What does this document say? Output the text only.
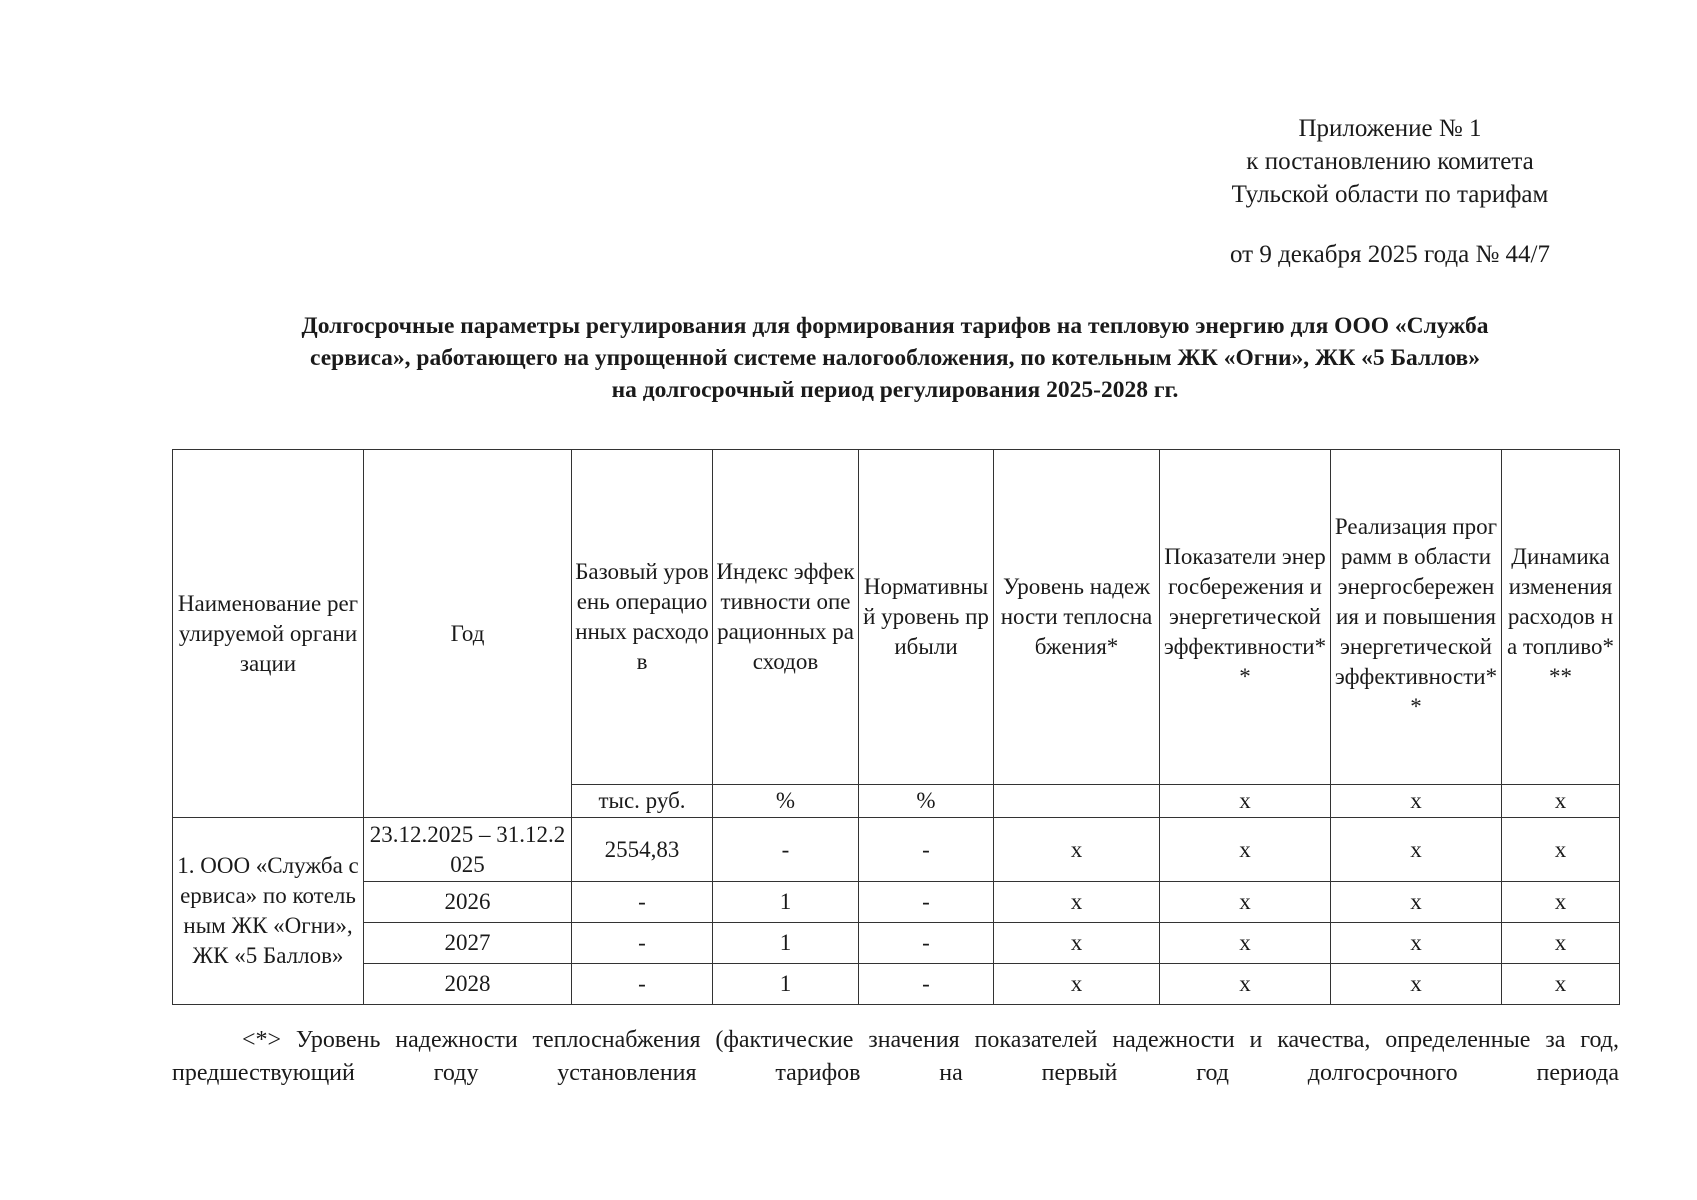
Приложение № 1
к постановлению комитета
Тульской области по тарифам
от 9 декабря 2025 года № 44/7
Долгосрочные параметры регулирования для формирования тарифов на тепловую энергию для ООО «Служба
сервиса», работающего на упрощенной системе налогообложения, по котельным ЖК «Огни», ЖК «5 Баллов»
на долгосрочный период регулирования 2025-2028 гг.
Наименование регулируемой организации	Год	Базовый уровень операционных расходов	Индекс эффективности операционных расходов	Нормативный уровень прибыли	Уровень надежности теплоснабжения*	Показатели энергосбережения и энергетической эффективности**	Реализация программ в области энергосбережения и повышения энергетической эффективности**	Динамика изменения расходов на топливо***
		тыс. руб.	%	%		x	x	x
1. ООО «Служба сервиса» по котельным ЖК «Огни», ЖК «5 Баллов»	23.12.2025 – 31.12.2025	2554,83	-	-	x	x	x	x
	2026	-	1	-	x	x	x	x
	2027	-	1	-	x	x	x	x
	2028	-	1	-	x	x	x	x
<*> Уровень надежности теплоснабжения (фактические значения показателей надежности и качества, определенные за год, предшествующий году установления тарифов на первый год долгосрочного периода
